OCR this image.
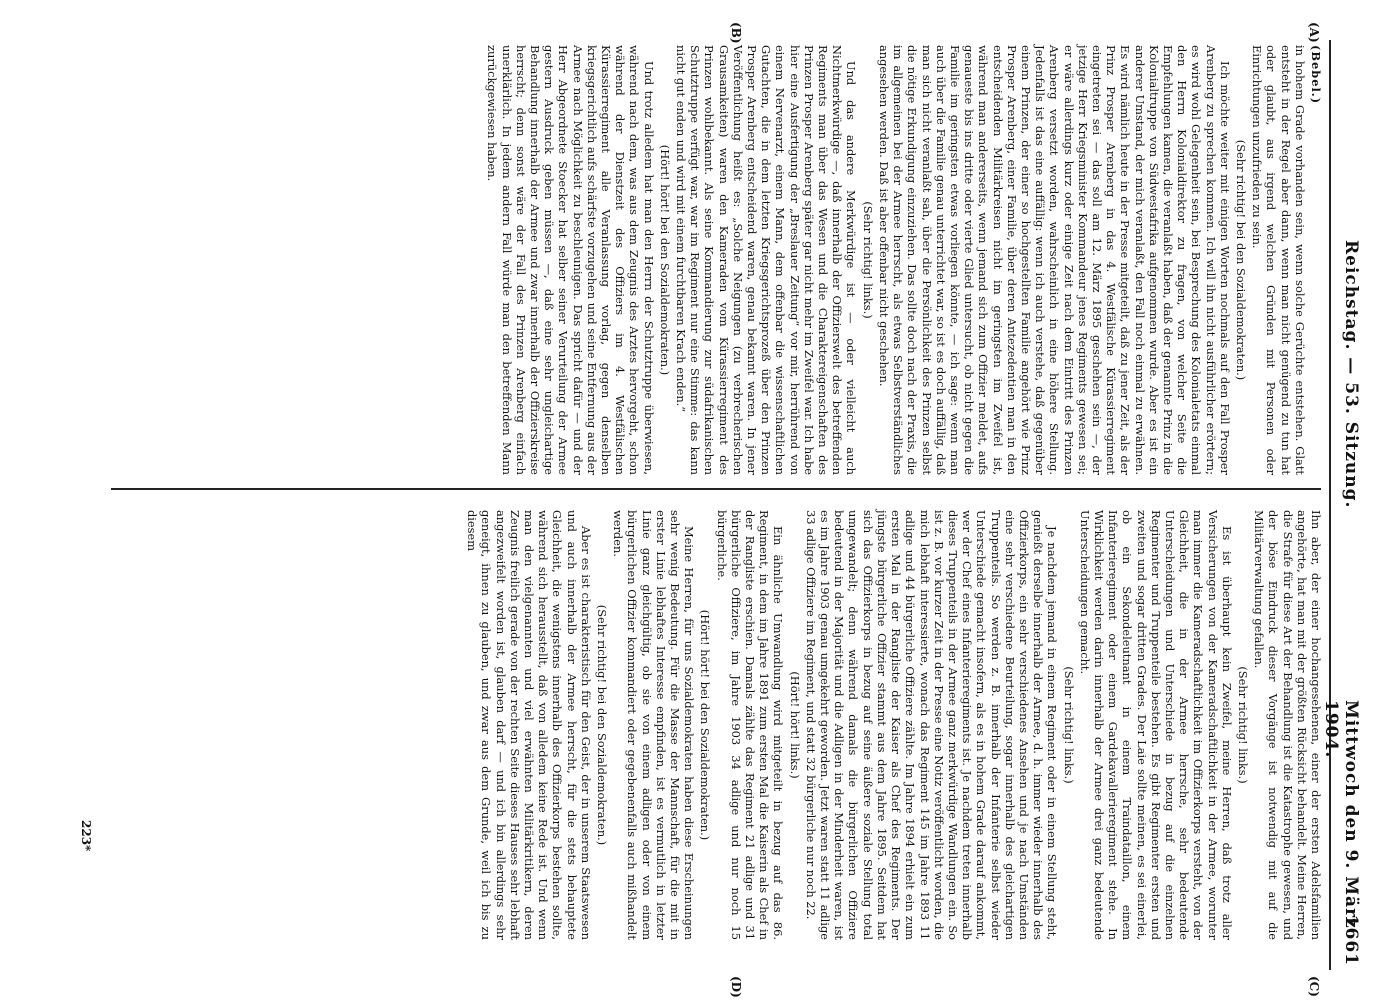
Reichstag. — 53. Sitzung.
Mittwoch den 9. März 1904.
1661
(A)
(B)
(C)
(D)

(Bebel.)

in hohem Grade vorhanden sein, wenn solche Gerüchte entstehen. Glatt entsteht in der Regel aber dann, wenn man nicht genügend zu tun hat oder glaubt, aus irgend welchen Gründen mit Personen oder Einrichtungen unzufrieden zu sein.

(Sehr richtig! bei den Sozialdemokraten.)

Ich möchte weiter mit einigen Worten nochmals auf den Fall Prosper Arenberg zu sprechen kommen. Ich will ihn nicht ausführlicher erörtern; es wird wohl Gelegenheit sein, bei Besprechung des Kolonialetats einmal den Herrn Kolonialdirektor zu fragen, von welcher Seite die Empfehlungen kamen, die veranlaßt haben, daß der genannte Prinz in die Kolonialtruppe von Südwestafrika aufgenommen wurde. Aber es ist ein anderer Umstand, der mich veranlaßt, den Fall noch einmal zu erwähnen. Es wird nämlich heute in der Presse mitgeteilt, daß zu jener Zeit, als der Prinz Prosper Arenberg in das 4. Westfälische Kürassierregiment eingetreten sei — das soll am 12. März 1895 geschehen sein —, der jetzige Herr Kriegsminister Kommandeur jenes Regiments gewesen sei; er wäre allerdings kurz oder einige Zeit nach dem Eintritt des Prinzen Arenberg versetzt worden, wahrscheinlich in eine höhere Stellung. Jedenfalls ist das eine auffällig: wenn ich auch verstehe, daß gegenüber einem Prinzen, der einer so hochgestellten Familie angehört wie Prinz Prosper Arenberg, einer Familie, über deren Antezedentien man in den entscheidenden Militärkreisen nicht im geringsten im Zweifel ist, während man andererseits, wenn jemand sich zum Offizier meldet, aufs genaueste bis ins dritte oder vierte Glied untersucht, ob nicht gegen die Familie im geringsten etwas vorliegen könnte, — ich sage: wenn man auch über die Familie genau unterrichtet war, so ist es doch auffällig, daß man sich nicht veranlaßt sah, über die Persönlichkeit des Prinzen selbst die nötige Erkundigung einzuziehen. Das sollte doch nach der Praxis, die im allgemeinen bei der Armee herrscht, als etwas Selbstverständliches angesehen werden. Daß ist aber offenbar nicht geschehen.

(Sehr richtig! links.)

Und das andere Merkwürdige ist — oder vielleicht auch Nichtmerkwürdige —, daß innerhalb der Offizierswelt des betreffenden Regiments man über das Wesen und die Charaktereigenschaften des Prinzen Prosper Arenberg später gar nicht mehr im Zweifel war. Ich habe hier eine Ausfertigung der „Breslauer Zeitung“ vor mir, herrührend von einem Nervenarzt, einem Mann, dem offenbar die wissenschaftlichen Gutachten, die in dem letzten Kriegsgerichtsprozeß über den Prinzen Prosper Arenberg entscheidend waren, genau bekannt waren. In jener Veröffentlichung heißt es: „Solche Neigungen (zu verbrecherischen Grausamkeiten) waren den Kameraden vom Kürassierregiment des Prinzen wohlbekannt. Als seine Kommandierung zur südafrikanischen Schutztruppe verfügt war, war im Regiment nur eine Stimme: das kann nicht gut enden und wird mit einem furchtbaren Krach enden.“

(Hört! hört! bei den Sozialdemokraten.)

Und trotz alledem hat man den Herrn der Schutztruppe überwiesen, während nach dem, was aus dem Zeugnis des Arztes hervorgeht, schon während der Dienstzeit des Offiziers im 4. Westfälischen Kürassierregiment alle Veranlassung vorlag, gegen denselben kriegsgerichtlich aufs schärfste vorzugehen und seine Entfernung aus der Armee nach Möglichkeit zu beschleunigen. Das spricht dafür — und der Herr Abgeordnete Stoecker hat selber seiner Verurteilung der Armee gestern Ausdruck geben müssen —, daß eine sehr ungleichartige Behandlung innerhalb der Armee und zwar innerhalb der Offizierskreise herrscht; denn sonst wäre der Fall des Prinzen Arenberg einfach unerklärlich. In jedem andern Fall würde man den betreffenden Mann zurückgewiesen haben.

Ihn aber, der einer hochangesehenen, einer der ersten Adelsfamilien angehörte, hat man mit der größten Rücksicht behandelt. Meine Herren, die Strafe für diese Art der Behandlung ist die Katastrophe gewesen, und der böse Eindruck dieser Vorgänge ist notwendig mit auf die Militärverwaltung gefallen.

(Sehr richtig! links.)

Es ist überhaupt kein Zweifel, meine Herren, daß trotz aller Versicherungen von der Kameradschaftlichkeit in der Armee, worunter man immer die Kameradschaftlichkeit im Offizierkorps versteht, von der Gleichheit, die in der Armee herrsche, sehr bedeutende Unterscheidungen und Unterschiede in bezug auf die einzelnen Regimenter und Truppenteile bestehen. Es gibt Regimenter ersten und zweiten und sogar dritten Grades. Der Laie sollte meinen, es sei einerlei, ob ein Sekondeleutnant in einem Traindataillon, einem Infanterieregiment oder einem Gardekavallerieregiment stehe. In Wirklichkeit werden darin innerhalb der Armee drei ganz bedeutende Unterscheidungen gemacht.

(Sehr richtig! links.)

Je nachdem jemand in einem Regiment oder in einem Stellung steht, genießt derselbe innerhalb der Armee, d. h. immer wieder innerhalb des Offizierkorps, ein sehr verschiedenes Ansehen und je nach Umständen eine sehr verschiedene Beurteilung, sogar innerhalb des gleichartigen Truppenteils. So werden z. B. innerhalb der Infanterie selbst wieder Unterschiede gemacht insofern, als es in hohem Grade darauf ankommt, wer der Chef eines Infanterieregiments ist. Je nachdem treten innerhalb dieses Truppenteils in der Armee ganz merkwürdige Wandlungen ein. So ist z. B. vor kurzer Zeit in der Presse eine Notiz veröffentlicht worden, die mich lebhaft interessierte, wonach das Regiment 145 im Jahre 1893 11 adlige und 44 bürgerliche Offiziere zählte. Im Jahre 1894 erhielt ein zum ersten Mal in der Rangliste der Kaiser als Chef des Regiments. Der jüngste bürgerliche Offizier stammt aus dem Jahre 1895. Seitdem hat sich das Offizierkorps in bezug auf seine äußere soziale Stellung total umgewandelt; denn während damals die bürgerlichen Offiziere bedeutend in der Majorität und die Adligen in der Minderheit waren, ist es im Jahre 1903 genau umgekehrt geworden. Jetzt waren statt 11 adlige 33 adlige Offiziere im Regiment, und statt 32 bürgerliche nur noch 22.

(Hört! hört! links.)

Ein ähnliche Umwandlung wird mitgeteilt in bezug auf das 86. Regiment, in dem im Jahre 1891 zum ersten Mal die Kaiserin als Chef in der Rangliste erschien. Damals zählte das Regiment 21 adlige und 31 bürgerliche Offiziere, im Jahre 1903 34 adlige und nur noch 15 bürgerliche.

(Hört! hört! bei den Sozialdemokraten.)

Meine Herren, für uns Sozialdemokraten haben diese Erscheinungen sehr wenig Bedeutung. Für die Masse der Mannschaft, für die mit in erster Linie lebhaftes Interesse empfinden, ist es vermutlich in letzter Linie ganz gleichgültig, ob sie von einem adligen oder von einem bürgerlichen Offizier kommandiert oder gegebenenfalls auch mißhandelt werden.

(Sehr richtig! bei den Sozialdemokraten.)

Aber es ist charakteristisch für den Geist, der in unserem Staatswesen und auch innerhalb der Armee herrscht, für die stets behauptete Gleichheit, die wenigstens innerhalb des Offizierkorps bestehen sollte, während sich herausstellt, daß von alledem keine Rede ist. Und wenn man den vielgenannten und viel erwähnten Militärkritikern, deren Zeugnis freilich gerade von der rechten Seite dieses Hauses sehr lebhaft angezweifelt worden ist, glauben darf — und ich bin allerdings sehr geneigt, ihnen zu glauben, und zwar aus dem Grunde, weil ich bis zu diesem

223*
